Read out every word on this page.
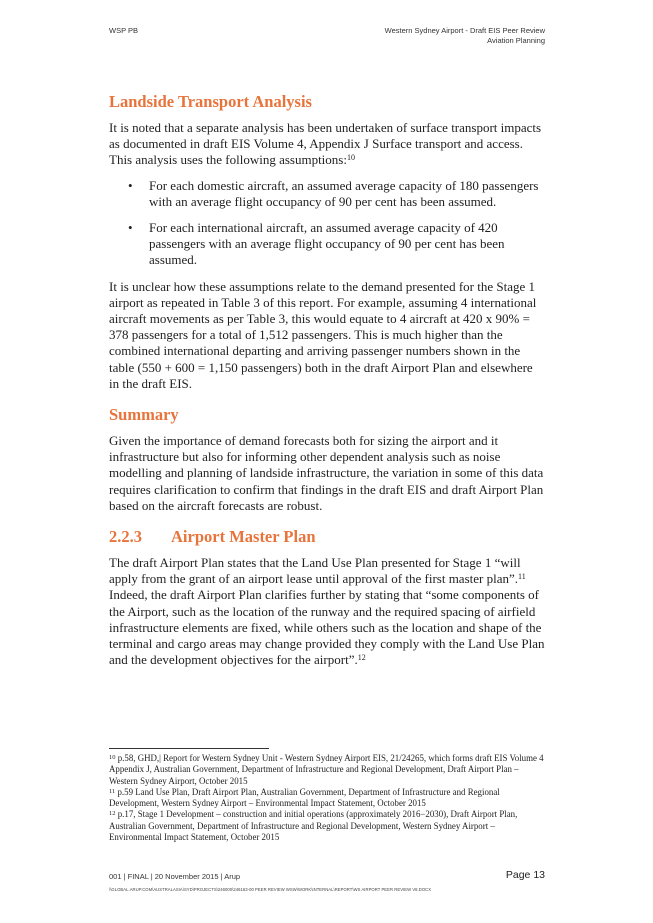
WSP PB	Western Sydney Airport - Draft EIS Peer Review
Aviation Planning
Landside Transport Analysis

It is noted that a separate analysis has been undertaken of surface transport impacts as documented in draft EIS Volume 4, Appendix J Surface transport and access. This analysis uses the following assumptions:$^{10}$

• For each domestic aircraft, an assumed average capacity of 180 passengers with an average flight occupancy of 90 per cent has been assumed.
• For each international aircraft, an assumed average capacity of 420 passengers with an average flight occupancy of 90 per cent has been assumed.

It is unclear how these assumptions relate to the demand presented for the Stage 1 airport as repeated in Table 3 of this report. For example, assuming 4 international aircraft movements as per Table 3, this would equate to 4 aircraft at 420 x 90% = 378 passengers for a total of 1,512 passengers. This is much higher than the combined international departing and arriving passenger numbers shown in the table (550 + 600 = 1,150 passengers) both in the draft Airport Plan and elsewhere in the draft EIS.

Summary

Given the importance of demand forecasts both for sizing the airport and it infrastructure but also for informing other dependent analysis such as noise modelling and planning of landside infrastructure, the variation in some of this data requires clarification to confirm that findings in the draft EIS and draft Airport Plan based on the aircraft forecasts are robust.

2.2.3 Airport Master Plan

The draft Airport Plan states that the Land Use Plan presented for Stage 1 “will apply from the grant of an airport lease until approval of the first master plan”.$^{11}$ Indeed, the draft Airport Plan clarifies further by stating that “some components of the Airport, such as the location of the runway and the required spacing of airfield infrastructure elements are fixed, while others such as the location and shape of the terminal and cargo areas may change provided they comply with the Land Use Plan and the development objectives for the airport”.$^{12}$

$^{10}$ p.58, GHD,| Report for Western Sydney Unit - Western Sydney Airport EIS, 21/24265, which forms draft EIS Volume 4 Appendix J, Australian Government, Department of Infrastructure and Regional Development, Draft Airport Plan – Western Sydney Airport, October 2015
$^{11}$ p.59 Land Use Plan, Draft Airport Plan, Australian Government, Department of Infrastructure and Regional Development, Western Sydney Airport – Environmental Impact Statement, October 2015
$^{12}$ p.17, Stage 1 Development – construction and initial operations (approximately 2016−2030), Draft Airport Plan, Australian Government, Department of Infrastructure and Regional Development, Western Sydney Airport – Environmental Impact Statement, October 2015
001 | FINAL | 20 November 2015 | Arup	Page 13
\\GLOBAL.ARUP.COM\AUSTRALASIA\SYD\PROJECTS\246000\246163-00 PEER REVIEW WSW\WORK\INTERNAL\REPORT\WS AIRPORT PEER REVIEW V8.DOCX
